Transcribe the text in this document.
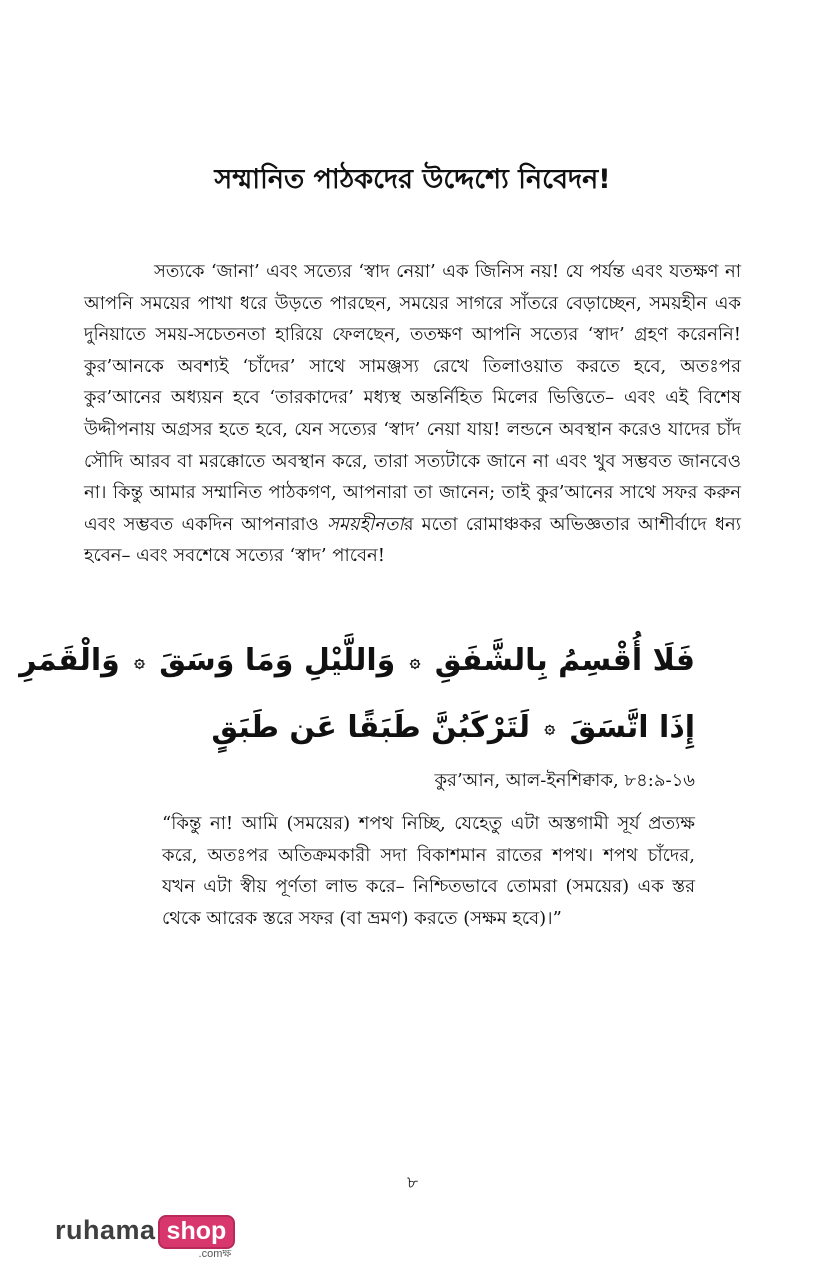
সম্মানিত পাঠকদের উদ্দেশ্যে নিবেদন!

সত্যকে ‘জানা’ এবং সত্যের ‘স্বাদ নেয়া’ এক জিনিস নয়! যে পর্যন্ত এবং যতক্ষণ না আপনি সময়ের পাখা ধরে উড়তে পারছেন, সময়ের সাগরে সাঁতরে বেড়াচ্ছেন, সময়হীন এক দুনিয়াতে সময়-সচেতনতা হারিয়ে ফেলছেন, ততক্ষণ আপনি সত্যের ‘স্বাদ’ গ্রহণ করেননি! কুর’আনকে অবশ্যই ‘চাঁদের’ সাথে সামঞ্জস্য রেখে তিলাওয়াত করতে হবে, অতঃপর কুর’আনের অধ্যয়ন হবে ‘তারকাদের’ মধ্যস্থ অন্তর্নিহিত মিলের ভিত্তিতে– এবং এই বিশেষ উদ্দীপনায় অগ্রসর হতে হবে, যেন সত্যের ‘স্বাদ’ নেয়া যায়! লন্ডনে অবস্থান করেও যাদের চাঁদ সৌদি আরব বা মরক্কোতে অবস্থান করে, তারা সত্যটাকে জানে না এবং খুব সম্ভবত জানবেও না। কিন্তু আমার সম্মানিত পাঠকগণ, আপনারা তা জানেন; তাই কুর’আনের সাথে সফর করুন এবং সম্ভবত একদিন আপনারাও সময়হীনতার মতো রোমাঞ্চকর অভিজ্ঞতার আশীর্বাদে ধন্য হবেন– এবং সবশেষে সত্যের ‘স্বাদ’ পাবেন!

فَلَا أُقْسِمُ بِالشَّفَقِ ۞ وَاللَّيْلِ وَمَا وَسَقَ ۞ وَالْقَمَرِ
إِذَا اتَّسَقَ ۞ لَتَرْكَبُنَّ طَبَقًا عَن طَبَقٍ
কুর’আন, আল-ইনশিক্বাক, ৮৪:৯-১৬

“কিন্তু না! আমি (সময়ের) শপথ নিচ্ছি, যেহেতু এটা অস্তগামী সূর্য প্রত্যক্ষ করে, অতঃপর অতিক্রমকারী সদা বিকাশমান রাতের শপথ। শপথ চাঁদের, যখন এটা স্বীয় পূর্ণতা লাভ করে– নিশ্চিতভাবে তোমরা (সময়ের) এক স্তর থেকে আরেক স্তরে সফর (বা ভ্রমণ) করতে (সক্ষম হবে)।”

৮
ruhama shop
.comক্ষ
